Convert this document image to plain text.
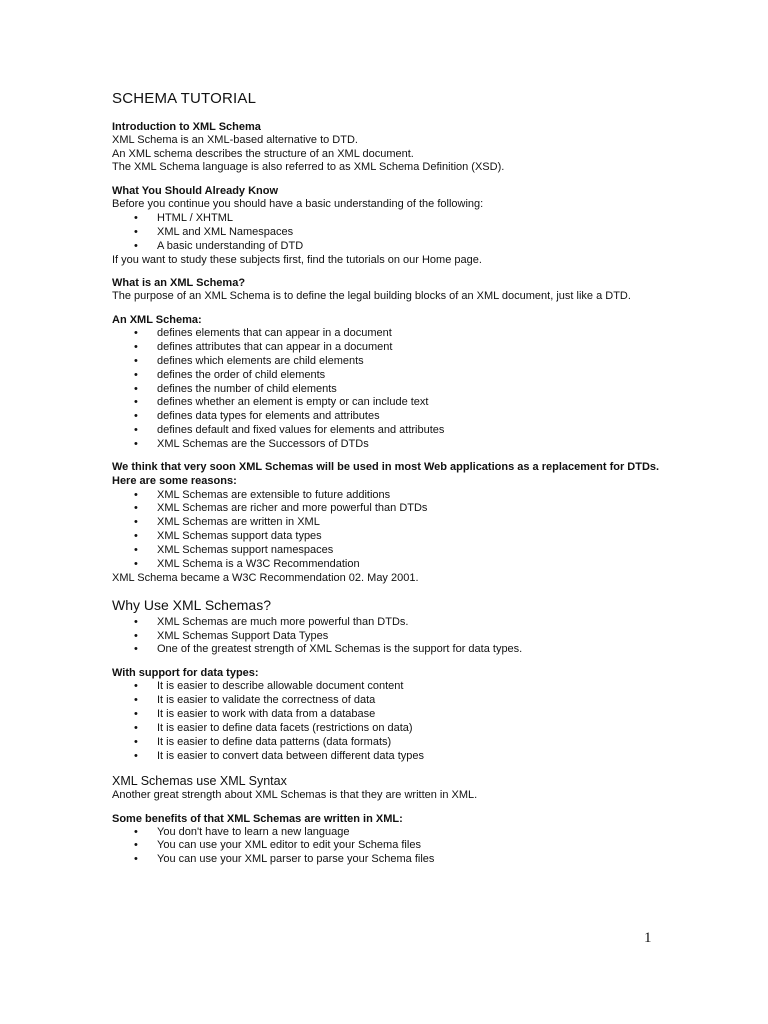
SCHEMA TUTORIAL

Introduction to XML Schema

XML Schema is an XML-based alternative to DTD.

An XML schema describes the structure of an XML document.

The XML Schema language is also referred to as XML Schema Definition (XSD).

What You Should Already Know

Before you continue you should have a basic understanding of the following:

• HTML / XHTML
• XML and XML Namespaces
• A basic understanding of DTD

If you want to study these subjects first, find the tutorials on our Home page.

What is an XML Schema?

The purpose of an XML Schema is to define the legal building blocks of an XML document, just like a DTD.

An XML Schema:

• defines elements that can appear in a document
• defines attributes that can appear in a document
• defines which elements are child elements
• defines the order of child elements
• defines the number of child elements
• defines whether an element is empty or can include text
• defines data types for elements and attributes
• defines default and fixed values for elements and attributes
• XML Schemas are the Successors of DTDs

We think that very soon XML Schemas will be used in most Web applications as a replacement for DTDs. Here are some reasons:

• XML Schemas are extensible to future additions
• XML Schemas are richer and more powerful than DTDs
• XML Schemas are written in XML
• XML Schemas support data types
• XML Schemas support namespaces
• XML Schema is a W3C Recommendation

XML Schema became a W3C Recommendation 02. May 2001.

Why Use XML Schemas?
• XML Schemas are much more powerful than DTDs.
• XML Schemas Support Data Types
• One of the greatest strength of XML Schemas is the support for data types.

With support for data types:

• It is easier to describe allowable document content
• It is easier to validate the correctness of data
• It is easier to work with data from a database
• It is easier to define data facets (restrictions on data)
• It is easier to define data patterns (data formats)
• It is easier to convert data between different data types
XML Schemas use XML Syntax

Another great strength about XML Schemas is that they are written in XML.

Some benefits of that XML Schemas are written in XML:

• You don't have to learn a new language
• You can use your XML editor to edit your Schema files
• You can use your XML parser to parse your Schema files
1
